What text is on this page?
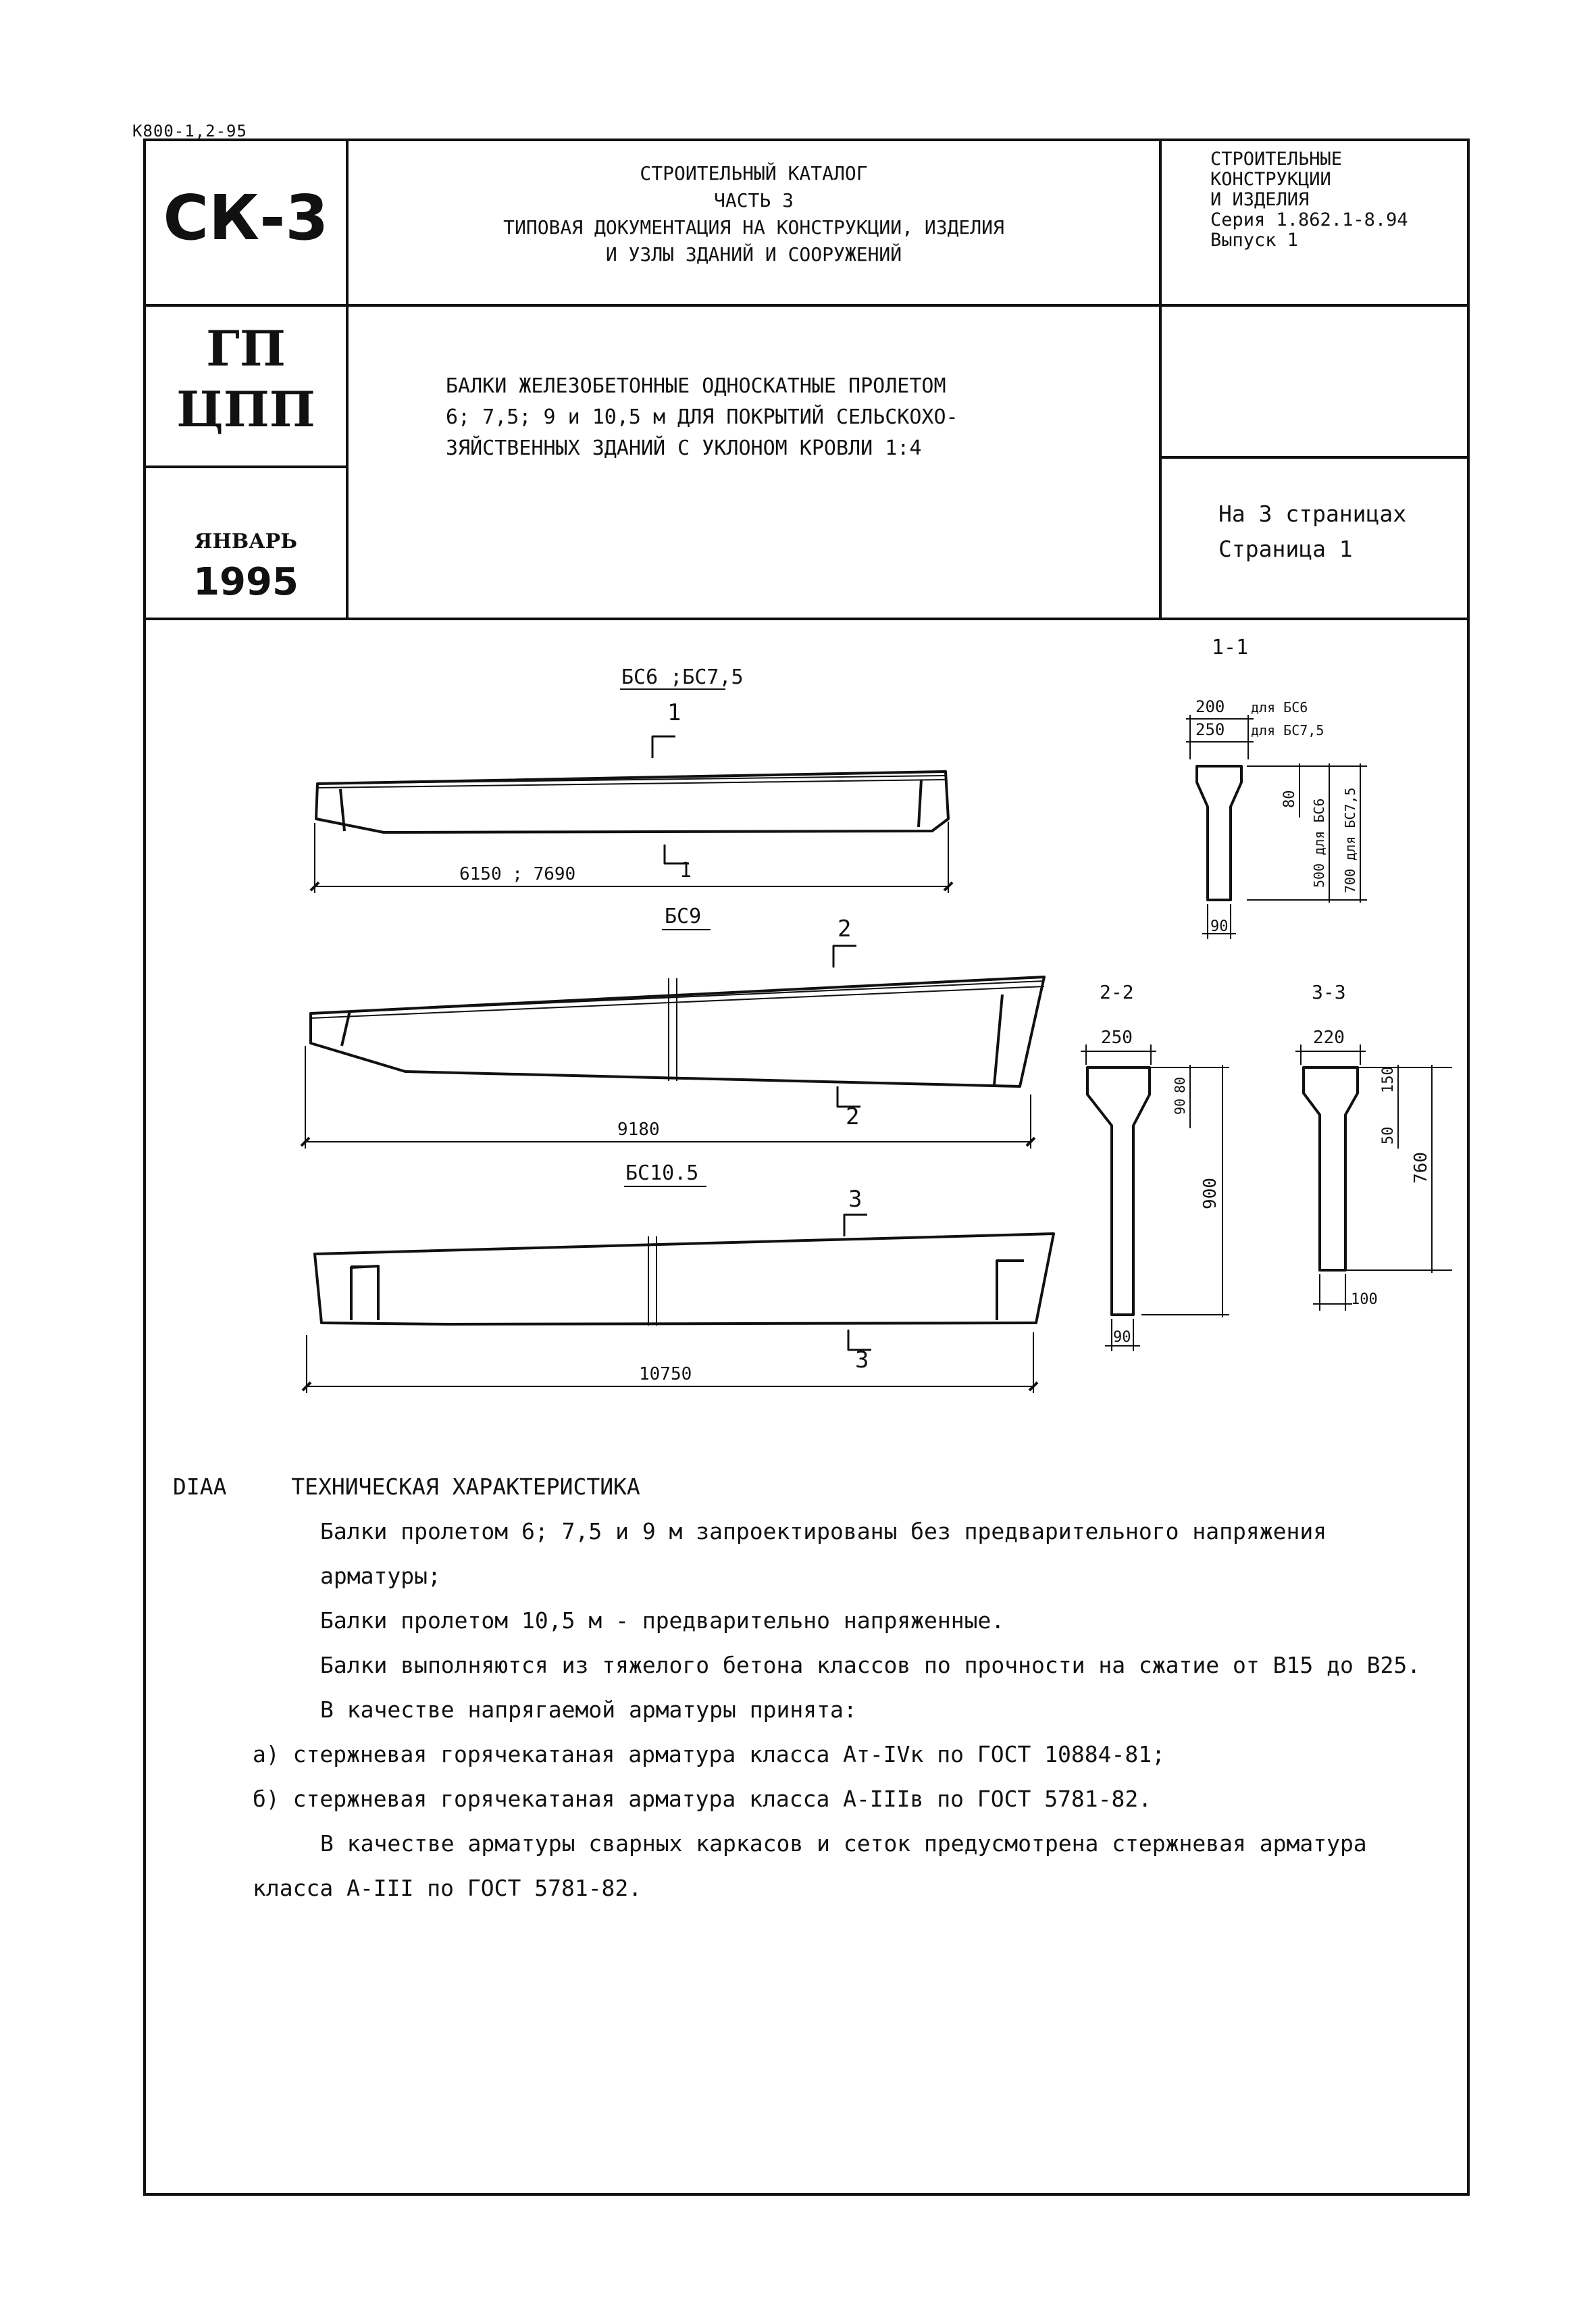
К800-1,2-95
СК-3
СТРОИТЕЛЬНЫЙ КАТАЛОГ
ЧАСТЬ 3
ТИПОВАЯ ДОКУМЕНТАЦИЯ НА КОНСТРУКЦИИ, ИЗДЕЛИЯ
И УЗЛЫ ЗДАНИЙ И СООРУЖЕНИЙ
СТРОИТЕЛЬНЫЕ
КОНСТРУКЦИИ
И ИЗДЕЛИЯ
Серия 1.862.1-8.94
Выпуск 1
ГП
ЦПП	БАЛКИ ЖЕЛЕЗОБЕТОННЫЕ ОДНОСКАТНЫЕ ПРОЛЕТОМ
6; 7,5; 9 и 10,5 м ДЛЯ ПОКРЫТИЙ СЕЛЬСКОХО-
ЗЯЙСТВЕННЫХ ЗДАНИЙ С УКЛОНОМ КРОВЛИ 1:4
ЯНВАРЬ
1995
На 3 страницах
Страница 1
БС6 ;БС7,5
1
6150 ; 7690	1
БС9	2
9180	2
БС10.5
3
10750
3
1-1
200 для БС6
250 для БС7,5
80 500 для БС6 700 для БС7,5
90
2-2
250
80
90
900
90
3-3
220
150
50
760
100
DIAA	ТЕХНИЧЕСКАЯ ХАРАКТЕРИСТИКА
Балки пролетом 6; 7,5 и 9 м запроектированы без предварительного напряжения
арматуры;
Балки пролетом 10,5 м - предварительно напряженные.
Балки выполняются из тяжелого бетона классов по прочности на сжатие от В15 до В25.
В качестве напрягаемой арматуры принята:
а) стержневая горячекатаная арматура класса Ат-IVк по ГОСТ 10884-81;
б) стержневая горячекатаная арматура класса А-IIIв по ГОСТ 5781-82.
В качестве арматуры сварных каркасов и сеток предусмотрена стержневая арматура
класса А-III по ГОСТ 5781-82.
